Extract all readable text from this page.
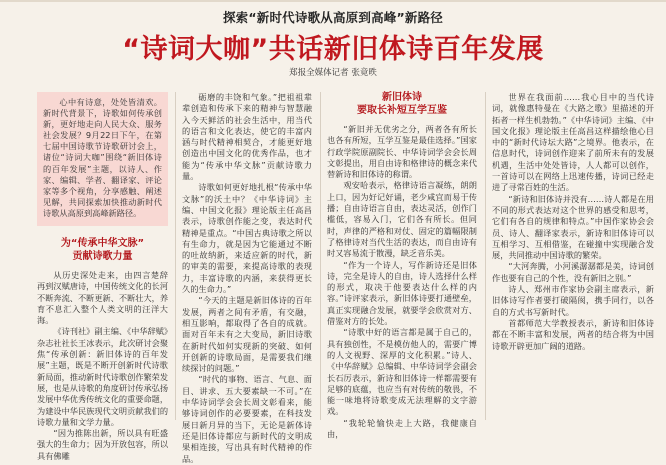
探索“新时代诗歌从高原到高峰”新路径
“诗词大咖”共话新旧体诗百年发展
郑报全媒体记者 张竟昳

心中有诗意，处处皆清欢。新时代背景下，诗歌如何传承创新，更好地走向人民大众、服务社会发展？9月22日下午，在第七届中国诗歌节诗歌研讨会上，诸位“诗词大咖”围绕“新旧体诗的百年发展”主题，以诗人、作家、编辑、学者、翻译家、评论家等多个视角，分享感触、阐述见解，共同探索加快推动新时代诗歌从高原到高峰新路径。

为“传承中华文脉”
贡献诗歌力量

从历史深处走来，由四言楚辞再到汉赋唐诗，中国传统文化的长河不断奔流、不断更新、不断壮大，养育不息汇入整个人类文明的汪洋大海。

《诗刊社》副主编、《中华辞赋》杂志社社长王冰表示，此次研讨会聚焦“传承创新：新旧体诗的百年发展”主题，既是不断开创新时代诗歌新局面，推动新时代诗歌创作繁荣发展，也是从诗歌的角度研讨传承弘扬发展中华优秀传统文化的重要命题，为建设中华民族现代文明贡献我们的诗歌力量和文学力量。

“因为推陈出新，所以具有旺盛强大的生命力；因为开放包容，所以具有佛雕

砺磨的丰饶和气象。”把祖祖辈辈创造和传承下来的精神与智慧融入今天鲜活的社会生活中，用当代的语言和文化表达，使它的丰富内涵与时代精神相契合，才能更好地创造出中国文化的优秀作品，也才能为“传承中华文脉”贡献诗歌力量。

诗歌如何更好地扎根“传承中华文脉”的沃土中？《中华诗词》主编、中国文化报》理论版主任高昌表示，诗歌创作能之变，表达时代精神是重点。“中国古典诗歌之所以有生命力，就是因为它能通过不断的吐故纳新，来适应新的时代，新的审美的需要，来提高诗歌的表现力，丰富诗歌的内涵，来获得更长久的生命力。”

“今天的主题是新旧体诗的百年发展，两者之间有矛盾，有交融，相互影响，都取得了各自的成就。面对百年未有之大变局，新旧诗歌在新时代如何实现新的突破、如何开创新的诗歌局面，是需要我们继续探讨的问题。”

“时代的事物、语言、气息、面目、讲求、五大要素缺一不可。”在中华诗词学会会长周文彰看来，能够诗词创作的必要要素，在科技发展日新月异的当下，无论是新体诗还是旧体诗都应与新时代的文明成果相连接，写出具有时代精神的作品。

新旧体诗
要取长补短互学互鉴

“新旧并无优劣之分，两者各有所长也各有所短，互学互鉴是最佳选择。”国家行政学院原副院长、中华诗词学会会长周文彰提出，用自由诗和格律诗的概念来代替新诗和旧体诗的称谓。

观安哈表示，格律诗语言凝练，朗朗上口，因为好记好诵，老少咸宜而易于传播；自由诗语言自由，表达灵活，创作门槛低，容易入门，它们各有所长。但同时，声律的严格和对仗、固定的篇幅限制了格律诗对当代生活的表达，而自由诗有时又容易流于散漫，缺乏音乐美。

“作为一个诗人，写作新诗还是旧体诗，完全是诗人的自由，诗人选择什么样的形式，取决于他要表达什么样的内容。”诗评家表示，新旧体诗要打通壁垒，真正实现融合发展，就要学会欣赏对方、借鉴对方的长处。

“诗歌中好的语言都是属于自己的，具有独创性，不是模仿他人的，需要广博的人文视野、深厚的文化积累。”诗人、《中华辞赋》总编辑、中华诗词学会副会长石厉表示，新诗和旧体诗一样都需要有足够的底蕴，也应当有对传统的敬畏，不能一味地将诗歌变成无法理解的文字游戏。

“我轮轮愉快走上大路，我健康自由，

世界在我面前……我心目中的当代诗词，就像惠特曼在《大路之歌》里描述的开拓者一样生机勃勃。”《中华诗词》主编、《中国文化报》理论版主任高昌这样描绘他心目中的“新时代诗坛大路”之境界。他表示，在信息时代，诗词创作迎来了前所未有的发展机遇，生活中处处皆诗，人人都可以创作，一首诗可以在网络上迅速传播，诗词已经走进了寻常百姓的生活。

“新诗和旧体诗并没有……诗人都是在用不同的形式表达对这个世界的感受和思考，它们有各自的规律和特点。”中国作家协会会员、诗人、翻译家表示，新诗和旧体诗可以互相学习、互相借鉴，在碰撞中实现融合发展，共同推动中国诗歌的繁荣。

“大河奔腾，小河溪潺潺都是美，诗词创作也要有自己的个性，没有新旧之别。”

诗人、郑州市作家协会副主席表示，新旧体诗写作者要打破隔阂，携手同行，以各自的方式书写新时代。

首都师范大学教授表示，新诗和旧体诗都在不断丰富和发展，两者的结合将为中国诗歌开辟更加广阔的道路。
